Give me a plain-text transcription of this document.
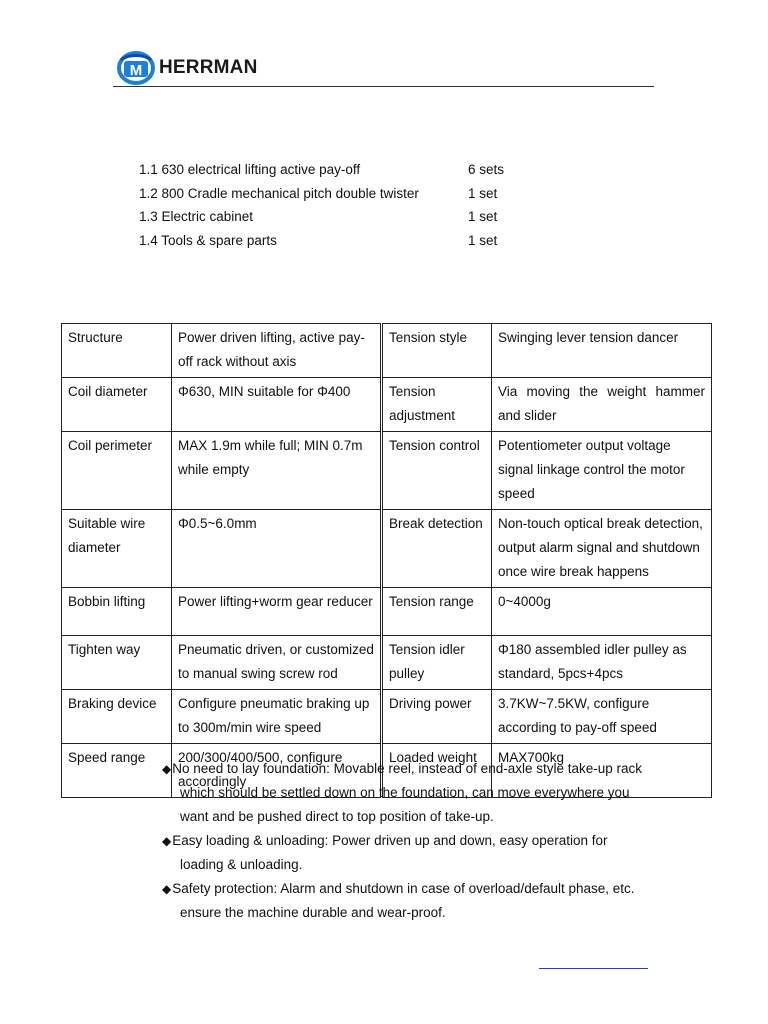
M HERRMAN
1.1 630 electrical lifting active pay-off	6 sets
1.2 800 Cradle mechanical pitch double twister	1 set
1.3 Electric cabinet	1 set
1.4 Tools & spare parts	1 set
Structure	Power driven lifting, active pay-off rack without axis	Tension style	Swinging lever tension dancer
Coil diameter	Φ630, MIN suitable for Φ400	Tension adjustment	Via moving the weight hammer and slider
Coil perimeter	MAX 1.9m while full; MIN 0.7m while empty	Tension control	Potentiometer output voltage signal linkage control the motor speed
Suitable wire diameter	Φ0.5~6.0mm	Break detection	Non-touch optical break detection, output alarm signal and shutdown once wire break happens
Bobbin lifting	Power lifting+worm gear reducer	Tension range	0~4000g
Tighten way	Pneumatic driven, or customized to manual swing screw rod	Tension idler pulley	Φ180 assembled idler pulley as standard, 5pcs+4pcs
Braking device	Configure pneumatic braking up to 300m/min wire speed	Driving power	3.7KW~7.5KW, configure according to pay-off speed
Speed range	200/300/400/500, configure accordingly	Loaded weight	MAX700kg
◆No need to lay foundation: Movable reel, instead of end-axle style take-up rack
which should be settled down on the foundation, can move everywhere you
want and be pushed direct to top position of take-up.
◆Easy loading & unloading: Power driven up and down, easy operation for
loading & unloading.
◆Safety protection: Alarm and shutdown in case of overload/default phase, etc.
ensure the machine durable and wear-proof.
